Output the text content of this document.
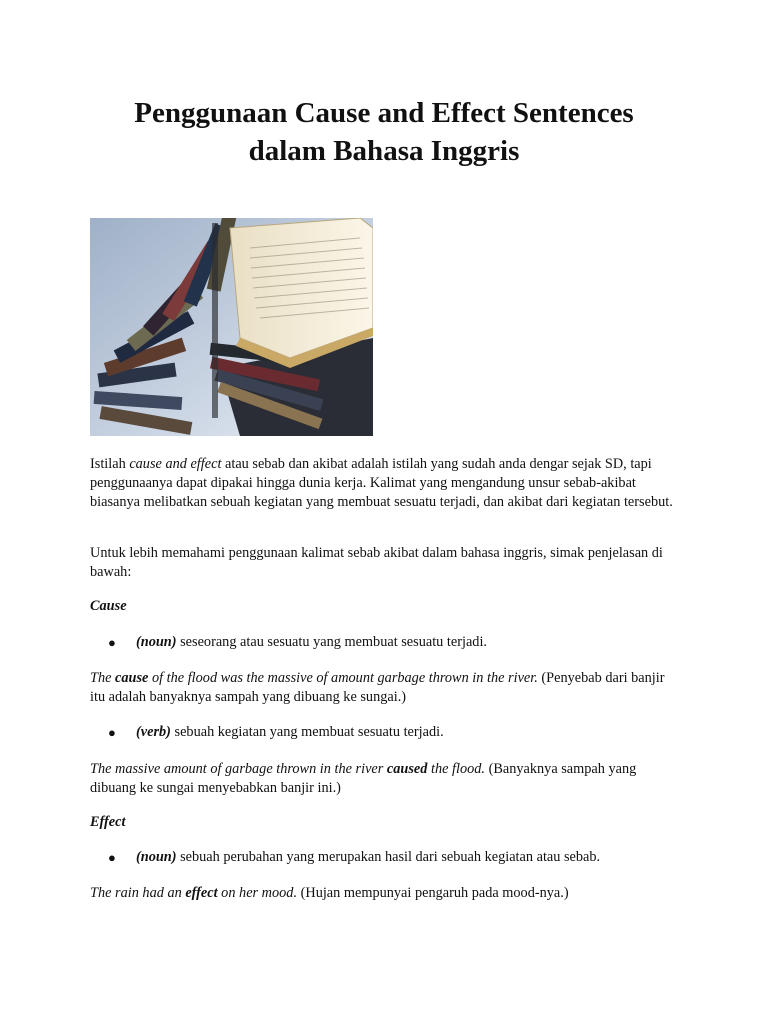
Penggunaan Cause and Effect Sentences
dalam Bahasa Inggris

Istilah cause and effect atau sebab dan akibat adalah istilah yang sudah anda dengar sejak SD, tapi penggunaanya dapat dipakai hingga dunia kerja. Kalimat yang mengandung unsur sebab-akibat biasanya melibatkan sebuah kegiatan yang membuat sesuatu terjadi, dan akibat dari kegiatan tersebut.

Untuk lebih memahami penggunaan kalimat sebab akibat dalam bahasa inggris, simak penjelasan di bawah:

Cause
● (noun) seseorang atau sesuatu yang membuat sesuatu terjadi.

The cause of the flood was the massive of amount garbage thrown in the river. (Penyebab dari banjir itu adalah banyaknya sampah yang dibuang ke sungai.)

● (verb) sebuah kegiatan yang membuat sesuatu terjadi.

The massive amount of garbage thrown in the river caused the flood. (Banyaknya sampah yang dibuang ke sungai menyebabkan banjir ini.)

Effect
● (noun) sebuah perubahan yang merupakan hasil dari sebuah kegiatan atau sebab.

The rain had an effect on her mood. (Hujan mempunyai pengaruh pada mood-nya.)
